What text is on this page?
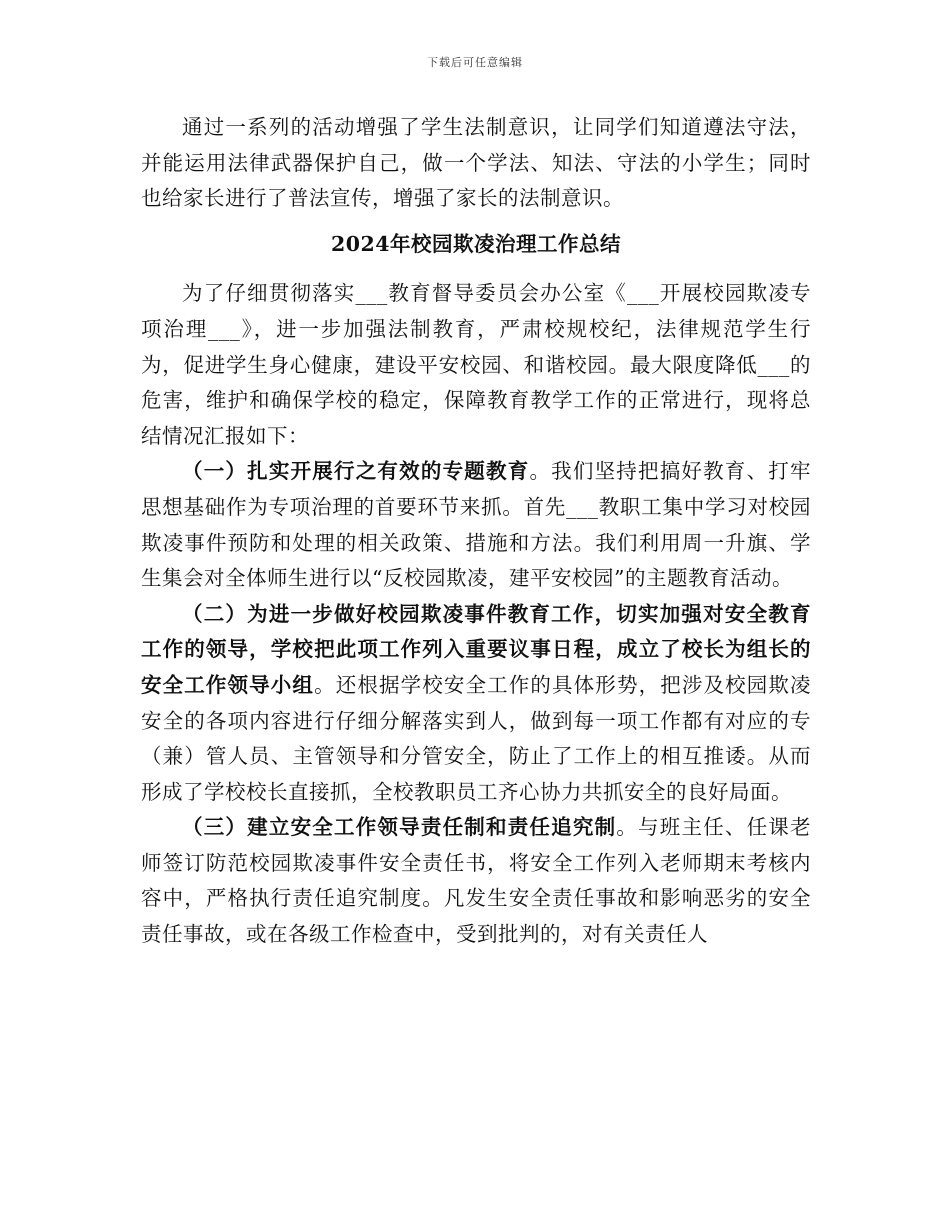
下载后可任意编辑

通过一系列的活动增强了学生法制意识，让同学们知道遵法守法，并能运用法律武器保护自己，做一个学法、知法、守法的小学生；同时也给家长进行了普法宣传，增强了家长的法制意识。

2024年校园欺凌治理工作总结

为了仔细贯彻落实___教育督导委员会办公室《___开展校园欺凌专项治理___》，进一步加强法制教育，严肃校规校纪，法律规范学生行为，促进学生身心健康，建设平安校园、和谐校园。最大限度降低___的危害，维护和确保学校的稳定，保障教育教学工作的正常进行，现将总结情况汇报如下：

（一）扎实开展行之有效的专题教育。我们坚持把搞好教育、打牢思想基础作为专项治理的首要环节来抓。首先___教职工集中学习对校园欺凌事件预防和处理的相关政策、措施和方法。我们利用周一升旗、学生集会对全体师生进行以“反校园欺凌，建平安校园”的主题教育活动。

（二）为进一步做好校园欺凌事件教育工作，切实加强对安全教育工作的领导，学校把此项工作列入重要议事日程，成立了校长为组长的安全工作领导小组。还根据学校安全工作的具体形势，把涉及校园欺凌安全的各项内容进行仔细分解落实到人，做到每一项工作都有对应的专（兼）管人员、主管领导和分管安全，防止了工作上的相互推诿。从而形成了学校校长直接抓，全校教职员工齐心协力共抓安全的良好局面。

（三）建立安全工作领导责任制和责任追究制。与班主任、任课老师签订防范校园欺凌事件安全责任书，将安全工作列入老师期末考核内容中，严格执行责任追究制度。凡发生安全责任事故和影响恶劣的安全责任事故，或在各级工作检查中，受到批判的，对有关责任人
